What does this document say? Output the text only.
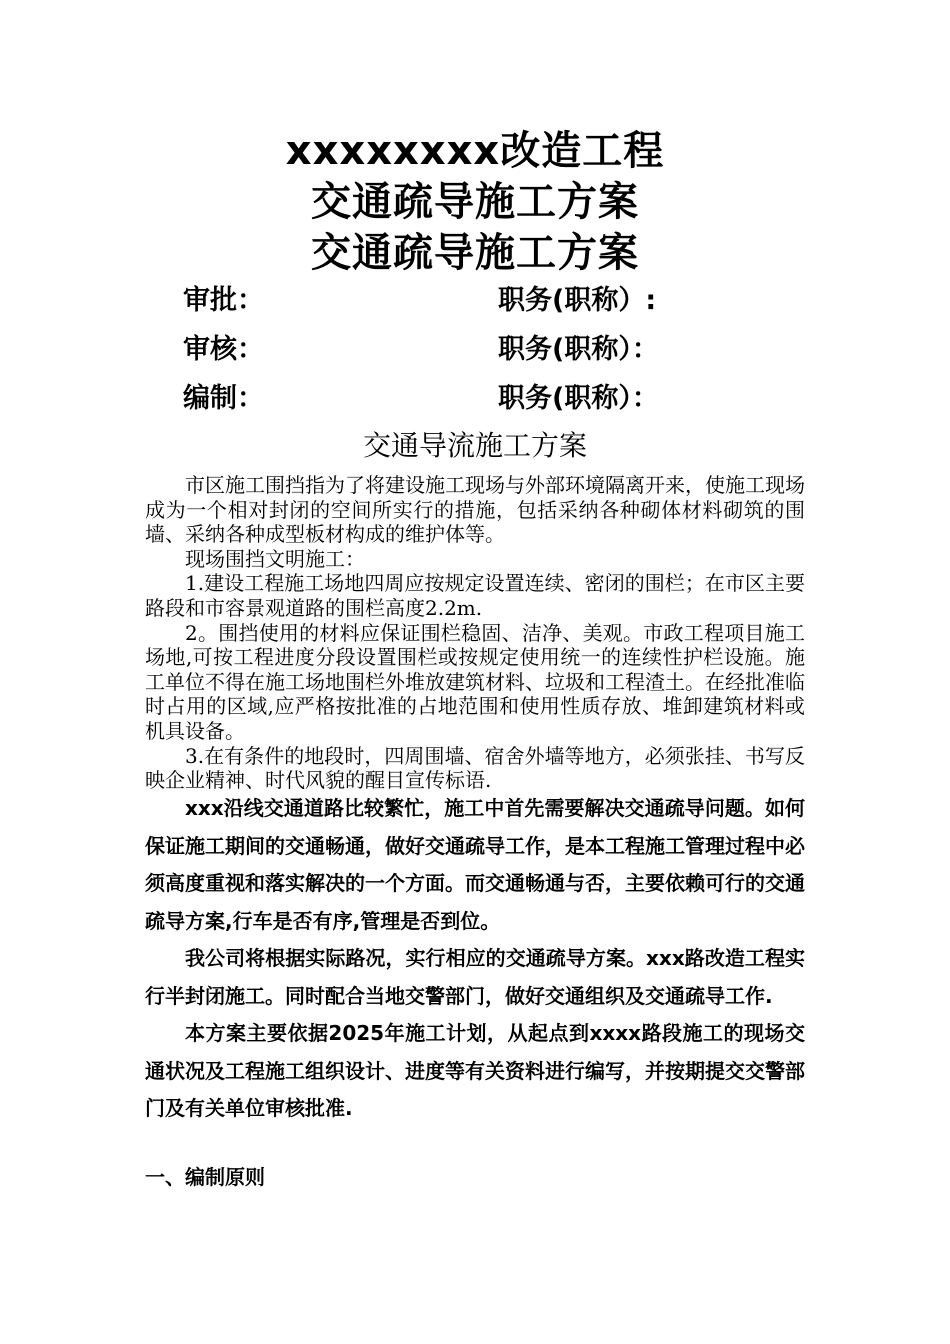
xxxxxxxx改造工程
交通疏导施工方案
交通疏导施工方案
审批：	职务(职称）:
审核：	职务(职称）：
编制：	职务(职称）：
交通导流施工方案

市区施工围挡指为了将建设施工现场与外部环境隔离开来，使施工现场成为一个相对封闭的空间所实行的措施，包括采纳各种砌体材料砌筑的围墙、采纳各种成型板材构成的维护体等。

现场围挡文明施工：

1.建设工程施工场地四周应按规定设置连续、密闭的围栏；在市区主要路段和市容景观道路的围栏高度2.2m.

2。围挡使用的材料应保证围栏稳固、洁净、美观。市政工程项目施工场地,可按工程进度分段设置围栏或按规定使用统一的连续性护栏设施。施工单位不得在施工场地围栏外堆放建筑材料、垃圾和工程渣土。在经批准临时占用的区域,应严格按批准的占地范围和使用性质存放、堆卸建筑材料或机具设备。

3.在有条件的地段时，四周围墙、宿舍外墙等地方，必须张挂、书写反映企业精神、时代风貌的醒目宣传标语.

xxx沿线交通道路比较繁忙，施工中首先需要解决交通疏导问题。如何保证施工期间的交通畅通，做好交通疏导工作，是本工程施工管理过程中必须高度重视和落实解决的一个方面。而交通畅通与否，主要依赖可行的交通疏导方案,行车是否有序,管理是否到位。

我公司将根据实际路况，实行相应的交通疏导方案。xxx路改造工程实行半封闭施工。同时配合当地交警部门，做好交通组织及交通疏导工作.

本方案主要依据2025年施工计划，从起点到xxxx路段施工的现场交通状况及工程施工组织设计、进度等有关资料进行编写，并按期提交交警部门及有关单位审核批准.

一、编制原则
